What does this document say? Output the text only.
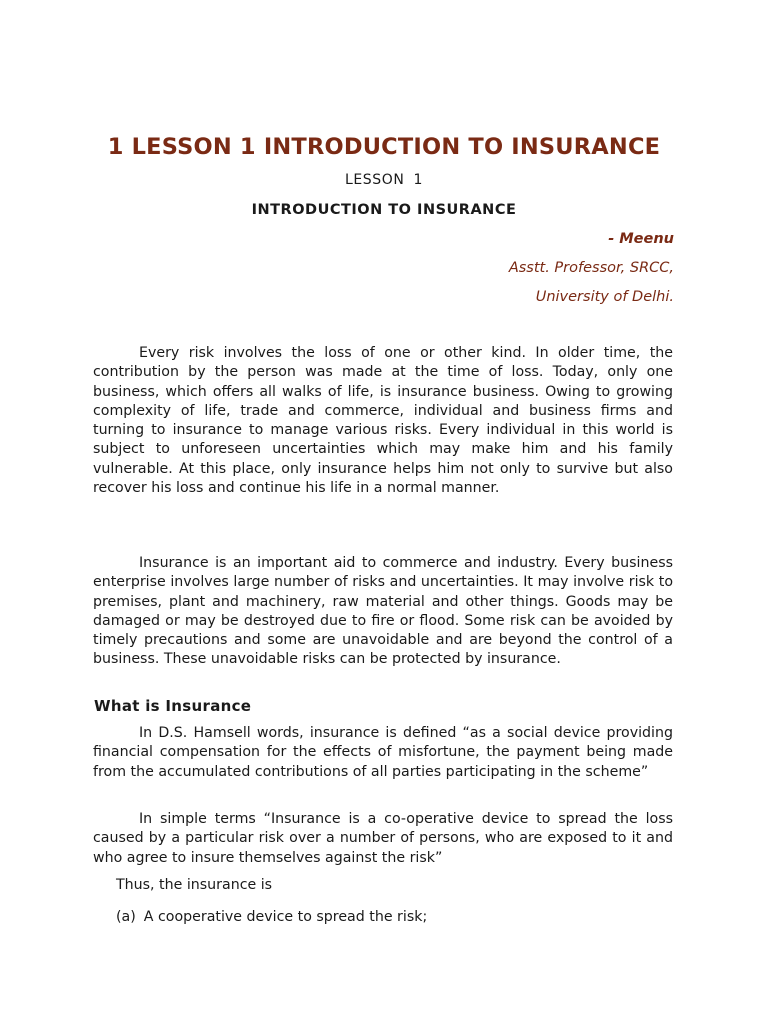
1 LESSON 1 INTRODUCTION TO INSURANCE
LESSON 1
INTRODUCTION TO INSURANCE
- Meenu
Asstt. Professor, SRCC,
University of Delhi.

Every risk involves the loss of one or other kind. In older time, the contribution by the person was made at the time of loss. Today, only one business, which offers all walks of life, is insurance business. Owing to growing complexity of life, trade and commerce, individual and business firms and turning to insurance to manage various risks. Every individual in this world is subject to unforeseen uncertainties which may make him and his family vulnerable. At this place, only insurance helps him not only to survive but also recover his loss and continue his life in a normal manner.

Insurance is an important aid to commerce and industry. Every business enterprise involves large number of risks and uncertainties. It may involve risk to premises, plant and machinery, raw material and other things. Goods may be damaged or may be destroyed due to fire or flood. Some risk can be avoided by timely precautions and some are unavoidable and are beyond the control of a business. These unavoidable risks can be protected by insurance.

What is Insurance

In D.S. Hamsell words, insurance is defined “as a social device providing financial compensation for the effects of misfortune, the payment being made from the accumulated contributions of all parties participating in the scheme”

In simple terms “Insurance is a co-operative device to spread the loss caused by a particular risk over a number of persons, who are exposed to it and who agree to insure themselves against the risk”

Thus, the insurance is

(a) A cooperative device to spread the risk;
